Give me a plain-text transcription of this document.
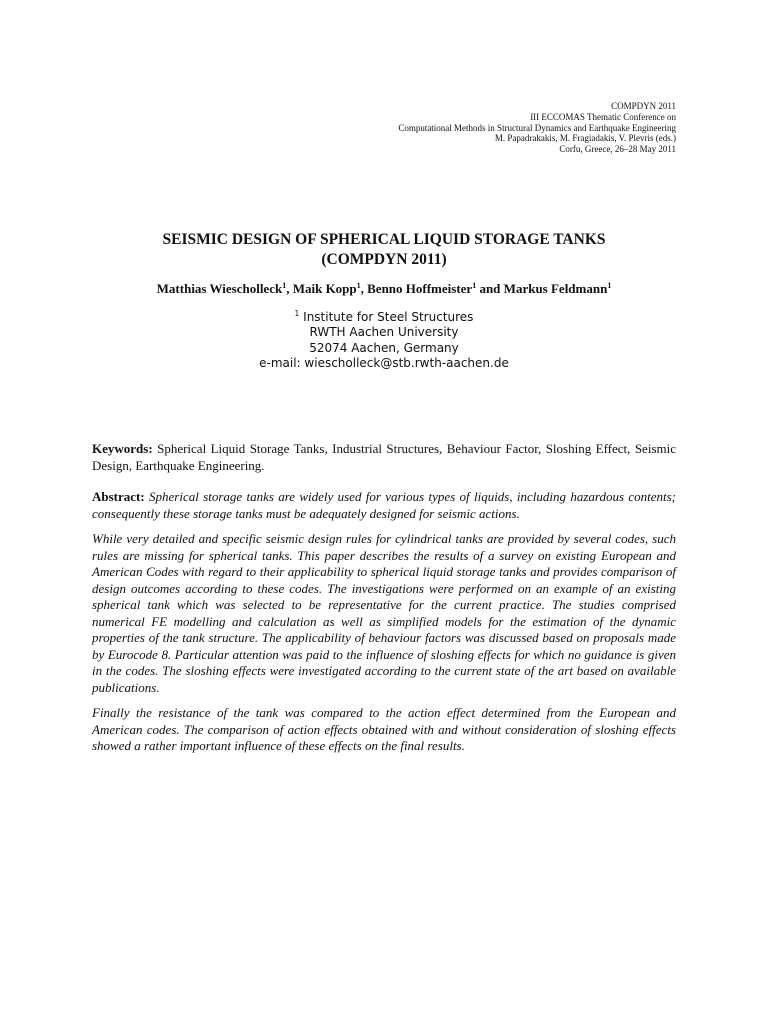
COMPDYN 2011
III ECCOMAS Thematic Conference on
Computational Methods in Structural Dynamics and Earthquake Engineering
M. Papadrakakis, M. Fragiadakis, V. Plevris (eds.)
Corfu, Greece, 26–28 May 2011
SEISMIC DESIGN OF SPHERICAL LIQUID STORAGE TANKS
(COMPDYN 2011)
Matthias Wiescholleck$^1$, Maik Kopp$^1$, Benno Hoffmeister$^1$ and Markus Feldmann$^1$
$^1$ Institute for Steel Structures
RWTH Aachen University
52074 Aachen, Germany
e-mail: wiescholleck@stb.rwth-aachen.de
Keywords: Spherical Liquid Storage Tanks, Industrial Structures, Behaviour Factor, Sloshing Effect, Seismic Design, Earthquake Engineering.

Abstract: Spherical storage tanks are widely used for various types of liquids, including hazardous contents; consequently these storage tanks must be adequately designed for seismic actions.

While very detailed and specific seismic design rules for cylindrical tanks are provided by several codes, such rules are missing for spherical tanks. This paper describes the results of a survey on existing European and American Codes with regard to their applicability to spherical liquid storage tanks and provides comparison of design outcomes according to these codes. The investigations were performed on an example of an existing spherical tank which was selected to be representative for the current practice. The studies comprised numerical FE modelling and calculation as well as simplified models for the estimation of the dynamic properties of the tank structure. The applicability of behaviour factors was discussed based on proposals made by Eurocode 8. Particular attention was paid to the influence of sloshing effects for which no guidance is given in the codes. The sloshing effects were investigated according to the current state of the art based on available publications.

Finally the resistance of the tank was compared to the action effect determined from the European and American codes. The comparison of action effects obtained with and without consideration of sloshing effects showed a rather important influence of these effects on the final results.
